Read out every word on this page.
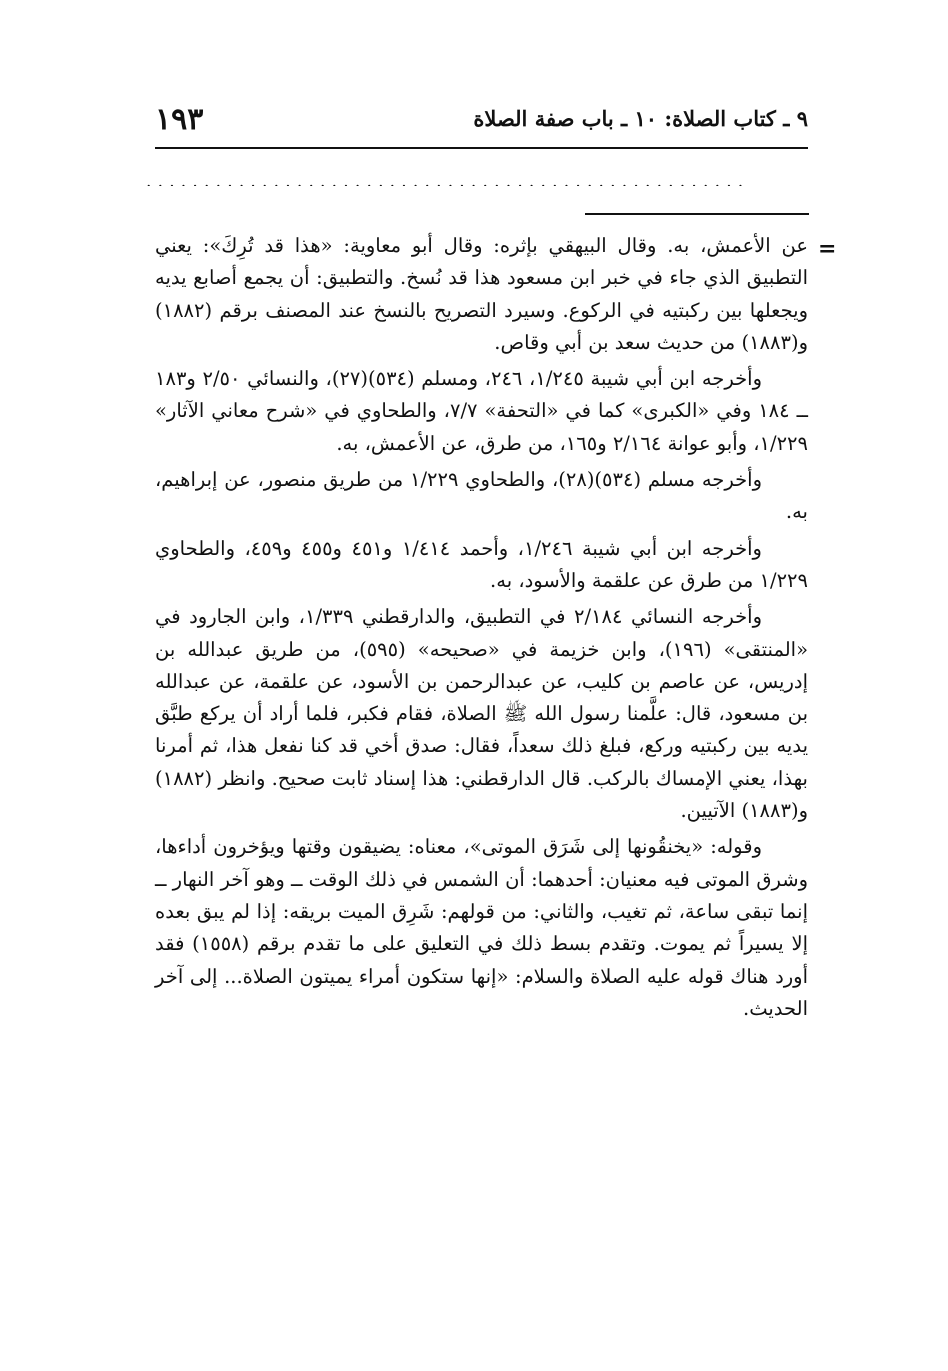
٩ ـ كتاب الصلاة: ١٠ ـ باب صفة الصلاة
١٩٣
....................................................
=

عن الأعمش، به. وقال البيهقي بإثره: وقال أبو معاوية: «هذا قد تُرِكَ»: يعني التطبيق الذي جاء في خبر ابن مسعود هذا قد نُسخ. والتطبيق: أن يجمع أصابع يديه ويجعلها بين ركبتيه في الركوع. وسيرد التصريح بالنسخ عند المصنف برقم (١٨٨٢) و(١٨٨٣) من حديث سعد بن أبي وقاص.

وأخرجه ابن أبي شيبة ١/٢٤٥، ٢٤٦، ومسلم (٥٣٤)(٢٧)، والنسائي ٢/٥٠ و١٨٣ ــ ١٨٤ وفي «الكبرى» كما في «التحفة» ٧/٧، والطحاوي في «شرح معاني الآثار» ١/٢٢٩، وأبو عوانة ٢/١٦٤ و١٦٥، من طرق، عن الأعمش، به.

وأخرجه مسلم (٥٣٤)(٢٨)، والطحاوي ١/٢٢٩ من طريق منصور، عن إبراهيم، به.

وأخرجه ابن أبي شيبة ١/٢٤٦، وأحمد ١/٤١٤ و٤٥١ و٤٥٥ و٤٥٩، والطحاوي ١/٢٢٩ من طرق عن علقمة والأسود، به.

وأخرجه النسائي ٢/١٨٤ في التطبيق، والدارقطني ١/٣٣٩، وابن الجارود في «المنتقى» (١٩٦)، وابن خزيمة في «صحيحه» (٥٩٥)، من طريق عبدالله بن إدريس، عن عاصم بن كليب، عن عبدالرحمن بن الأسود، عن علقمة، عن عبدالله بن مسعود، قال: علَّمنا رسول الله ﷺ الصلاة، فقام فكبر، فلما أراد أن يركع طبَّق يديه بين ركبتيه وركع، فبلغ ذلك سعداً، فقال: صدق أخي قد كنا نفعل هذا، ثم أمرنا بهذا، يعني الإمساك بالركب. قال الدارقطني: هذا إسناد ثابت صحيح. وانظر (١٨٨٢) و(١٨٨٣) الآتيين.

وقوله: «يخنقُونها إلى شَرَق الموتى»، معناه: يضيقون وقتها ويؤخرون أداءها، وشرق الموتى فيه معنيان: أحدهما: أن الشمس في ذلك الوقت ــ وهو آخر النهار ــ إنما تبقى ساعة، ثم تغيب، والثاني: من قولهم: شَرِق الميت بريقه: إذا لم يبق بعده إلا يسيراً ثم يموت. وتقدم بسط ذلك في التعليق على ما تقدم برقم (١٥٥٨) فقد أورد هناك قوله عليه الصلاة والسلام: «إنها ستكون أمراء يميتون الصلاة... إلى آخر الحديث.
